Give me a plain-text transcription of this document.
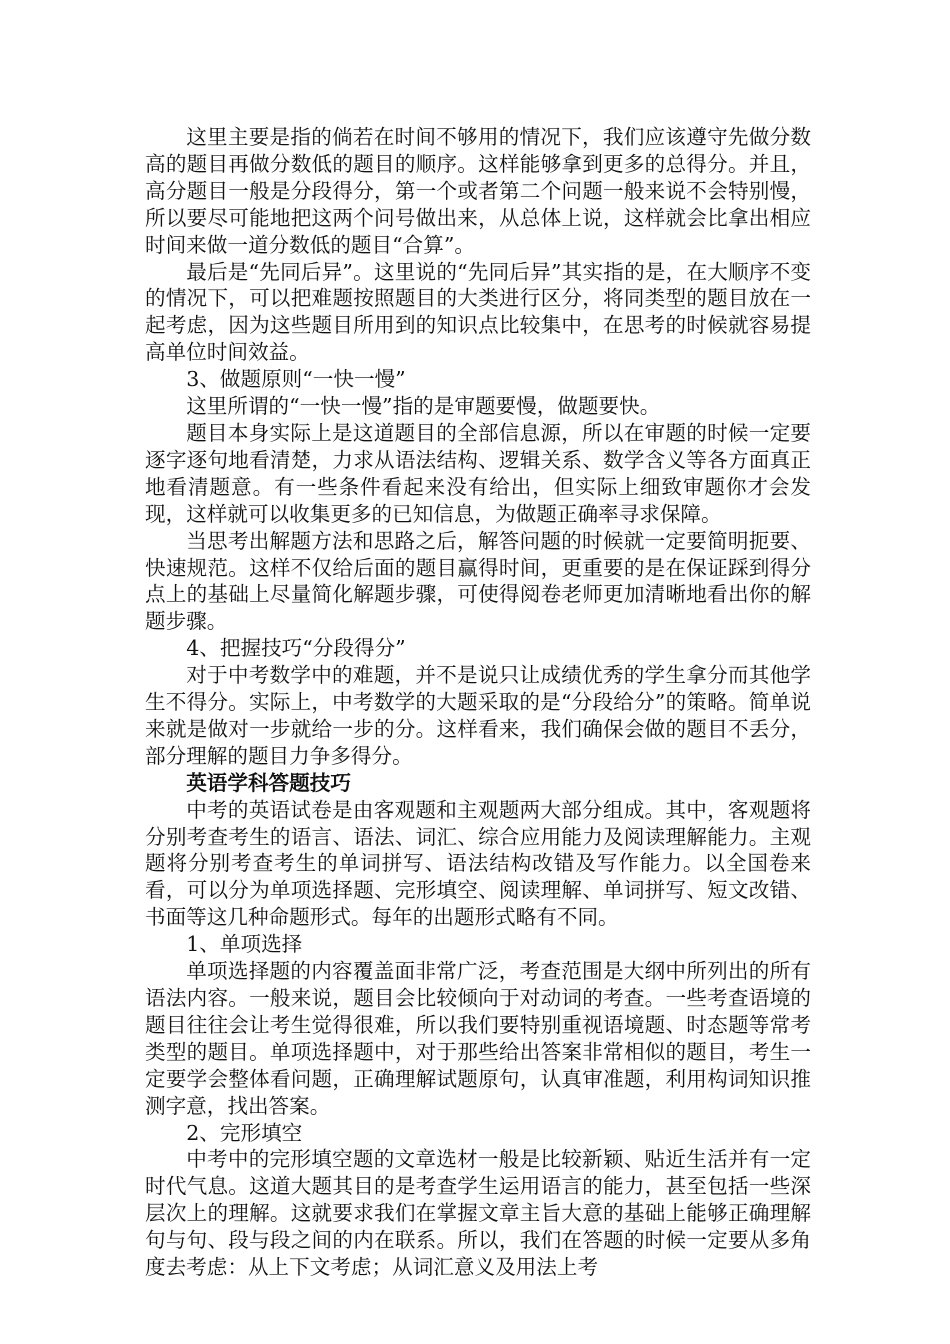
这里主要是指的倘若在时间不够用的情况下，我们应该遵守先做分数高的题目再做分数低的题目的顺序。这样能够拿到更多的总得分。并且，高分题目一般是分段得分，第一个或者第二个问题一般来说不会特别慢，所以要尽可能地把这两个问号做出来，从总体上说，这样就会比拿出相应时间来做一道分数低的题目“合算”。

最后是“先同后异”。这里说的“先同后异”其实指的是，在大顺序不变的情况下，可以把难题按照题目的大类进行区分，将同类型的题目放在一起考虑，因为这些题目所用到的知识点比较集中，在思考的时候就容易提高单位时间效益。

3、做题原则“一快一慢”

这里所谓的“一快一慢”指的是审题要慢，做题要快。

题目本身实际上是这道题目的全部信息源，所以在审题的时候一定要逐字逐句地看清楚，力求从语法结构、逻辑关系、数学含义等各方面真正地看清题意。有一些条件看起来没有给出，但实际上细致审题你才会发现，这样就可以收集更多的已知信息，为做题正确率寻求保障。

当思考出解题方法和思路之后，解答问题的时候就一定要简明扼要、快速规范。这样不仅给后面的题目赢得时间，更重要的是在保证踩到得分点上的基础上尽量简化解题步骤，可使得阅卷老师更加清晰地看出你的解题步骤。

4、把握技巧“分段得分”

对于中考数学中的难题，并不是说只让成绩优秀的学生拿分而其他学生不得分。实际上，中考数学的大题采取的是“分段给分”的策略。简单说来就是做对一步就给一步的分。这样看来，我们确保会做的题目不丢分，部分理解的题目力争多得分。

英语学科答题技巧

中考的英语试卷是由客观题和主观题两大部分组成。其中，客观题将分别考查考生的语言、语法、词汇、综合应用能力及阅读理解能力。主观题将分别考查考生的单词拼写、语法结构改错及写作能力。以全国卷来看，可以分为单项选择题、完形填空、阅读理解、单词拼写、短文改错、书面等这几种命题形式。每年的出题形式略有不同。

1、单项选择

单项选择题的内容覆盖面非常广泛，考查范围是大纲中所列出的所有语法内容。一般来说，题目会比较倾向于对动词的考查。一些考查语境的题目往往会让考生觉得很难，所以我们要特别重视语境题、时态题等常考类型的题目。单项选择题中，对于那些给出答案非常相似的题目，考生一定要学会整体看问题，正确理解试题原句，认真审准题，利用构词知识推测字意，找出答案。

2、完形填空

中考中的完形填空题的文章选材一般是比较新颖、贴近生活并有一定时代气息。这道大题其目的是考查学生运用语言的能力，甚至包括一些深层次上的理解。这就要求我们在掌握文章主旨大意的基础上能够正确理解句与句、段与段之间的内在联系。所以，我们在答题的时候一定要从多角度去考虑：从上下文考虑；从词汇意义及用法上考
